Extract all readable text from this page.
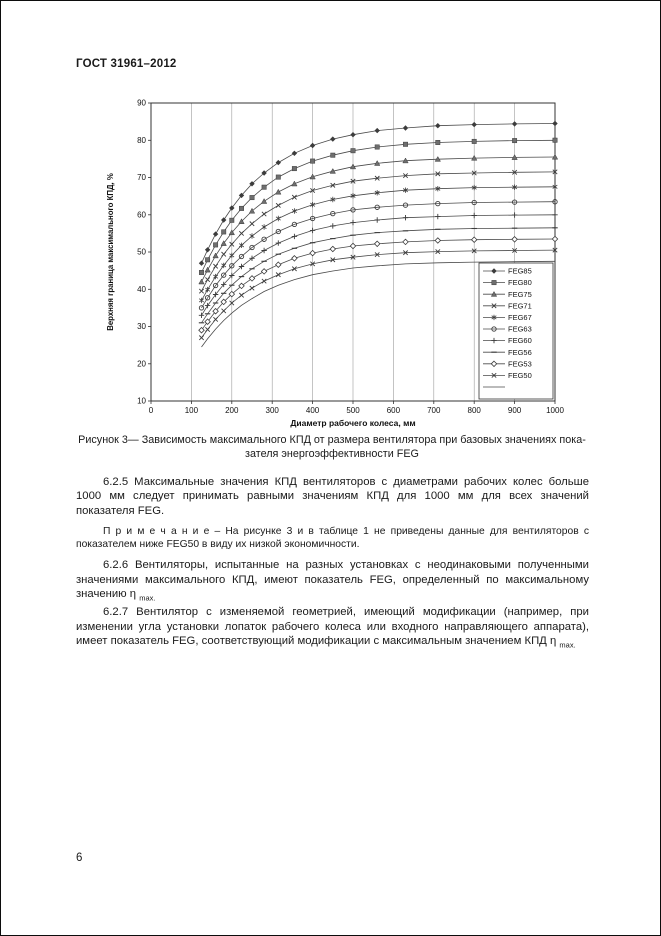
ГОСТ 31961–2012
0	100	200	300	400	500	600	700	800	900	1000
10
20
30
40
50
60
70
80
90
Диаметр рабочего колеса, мм
Верхняя граница максимального КПД, %	FEG85
FEG80
FEG75
FEG71
FEG67
FEG63
FEG60
FEG56
FEG53
FEG50
Рисунок 3— Зависимость максимального КПД от размера вентилятора при базовых значениях пока-
зателя энергоэффективности FEG

6.2.5 Максимальные значения КПД вентиляторов с диаметрами рабочих колес больше 1000 мм следует принимать равными значениям КПД для 1000 мм для всех значений показателя FEG.

П р и м е ч а н и е – На рисунке 3 и в таблице 1 не приведены данные для вентиляторов с показателем ниже FEG50 в виду их низкой экономичности.

6.2.6 Вентиляторы, испытанные на разных установках с неодинаковыми полученными значениями максимального КПД, имеют показатель FEG, определенный по максимальному значению η $_{max.}$

6.2.7 Вентилятор с изменяемой геометрией, имеющий модификации (например, при изменении угла установки лопаток рабочего колеса или входного направляющего аппарата), имеет показатель FEG, соответствующий модификации с максимальным значением КПД η $_{max.}$

6
